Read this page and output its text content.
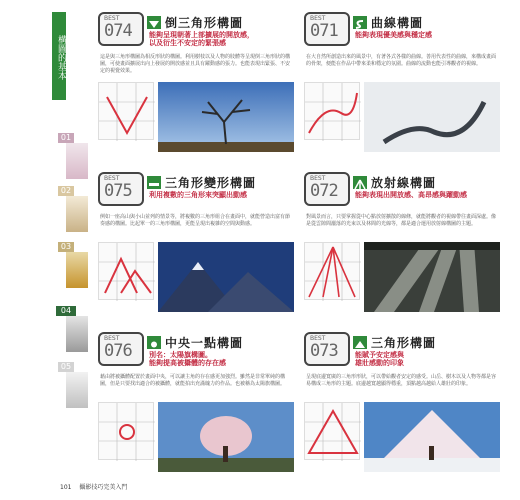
構圖的基本
01
02
03
04
05
BEST
074	倒三角形構圖
能夠呈現朝著上部擴展的開放感，
以及衍生不安定的緊張感
這是與三角形構圖為相反形狀的構圖。利用樹枝以及人物的肢體等呈現倒三角形狀的構圖，可使畫面擴展出向上發展的開放感並且具有躍動感的張力。也能表現出緊張、不安定的視覺效果。
BEST
071	曲線構圖
能夠表現優美感與穩定感
在大自然所創造出來的風景中，有著各式各樣的曲線。善用代表性的曲線，來構成畫面的骨架，便能在作品中帶來柔和穩定的氛圍。曲線的流動也能引導觀者的視線。
BEST
075	三角形變形構圖
利用複數的三角形來突顯出動感
例如一座高山與小山並列的情景等，將複數的三角形組合在畫面中，就能營造出富有節奏感的構圖。比起單一的三角形構圖，更能呈現出複雜的空間與動感。
BEST
072	放射線構圖
能夠表現出開放感、高昂感與躍動感
對風景而言，只要掌握從中心點放射擴散的線條，就能將觀者的視線帶往畫面深處。像是從雲隙間灑落的光束以及林間的光線等，都是適合運用放射線構圖的主題。
BEST
076	中央一點構圖
別名：太陽旗構圖。
能夠提高被攝體的存在感
藉由將被攝體配置於畫面中央，可以讓主角的存在感更加強烈。雖然是非常單純的構圖，但是只要找出適合的被攝體，就能拍出充滿魄力的作品。也被稱為太陽旗構圖。
BEST
073	三角形構圖
能賦予安定感與
雄壯感動的印象
呈現底邊寬廣的三角形形狀，可以帶給觀者安定的感受。山岳、樹木以及人物等都是容易構成三角形的主題。底邊越寬越顯得穩重，頂點越高越給人雄壯的印象。
101 攝影技巧完美入門
